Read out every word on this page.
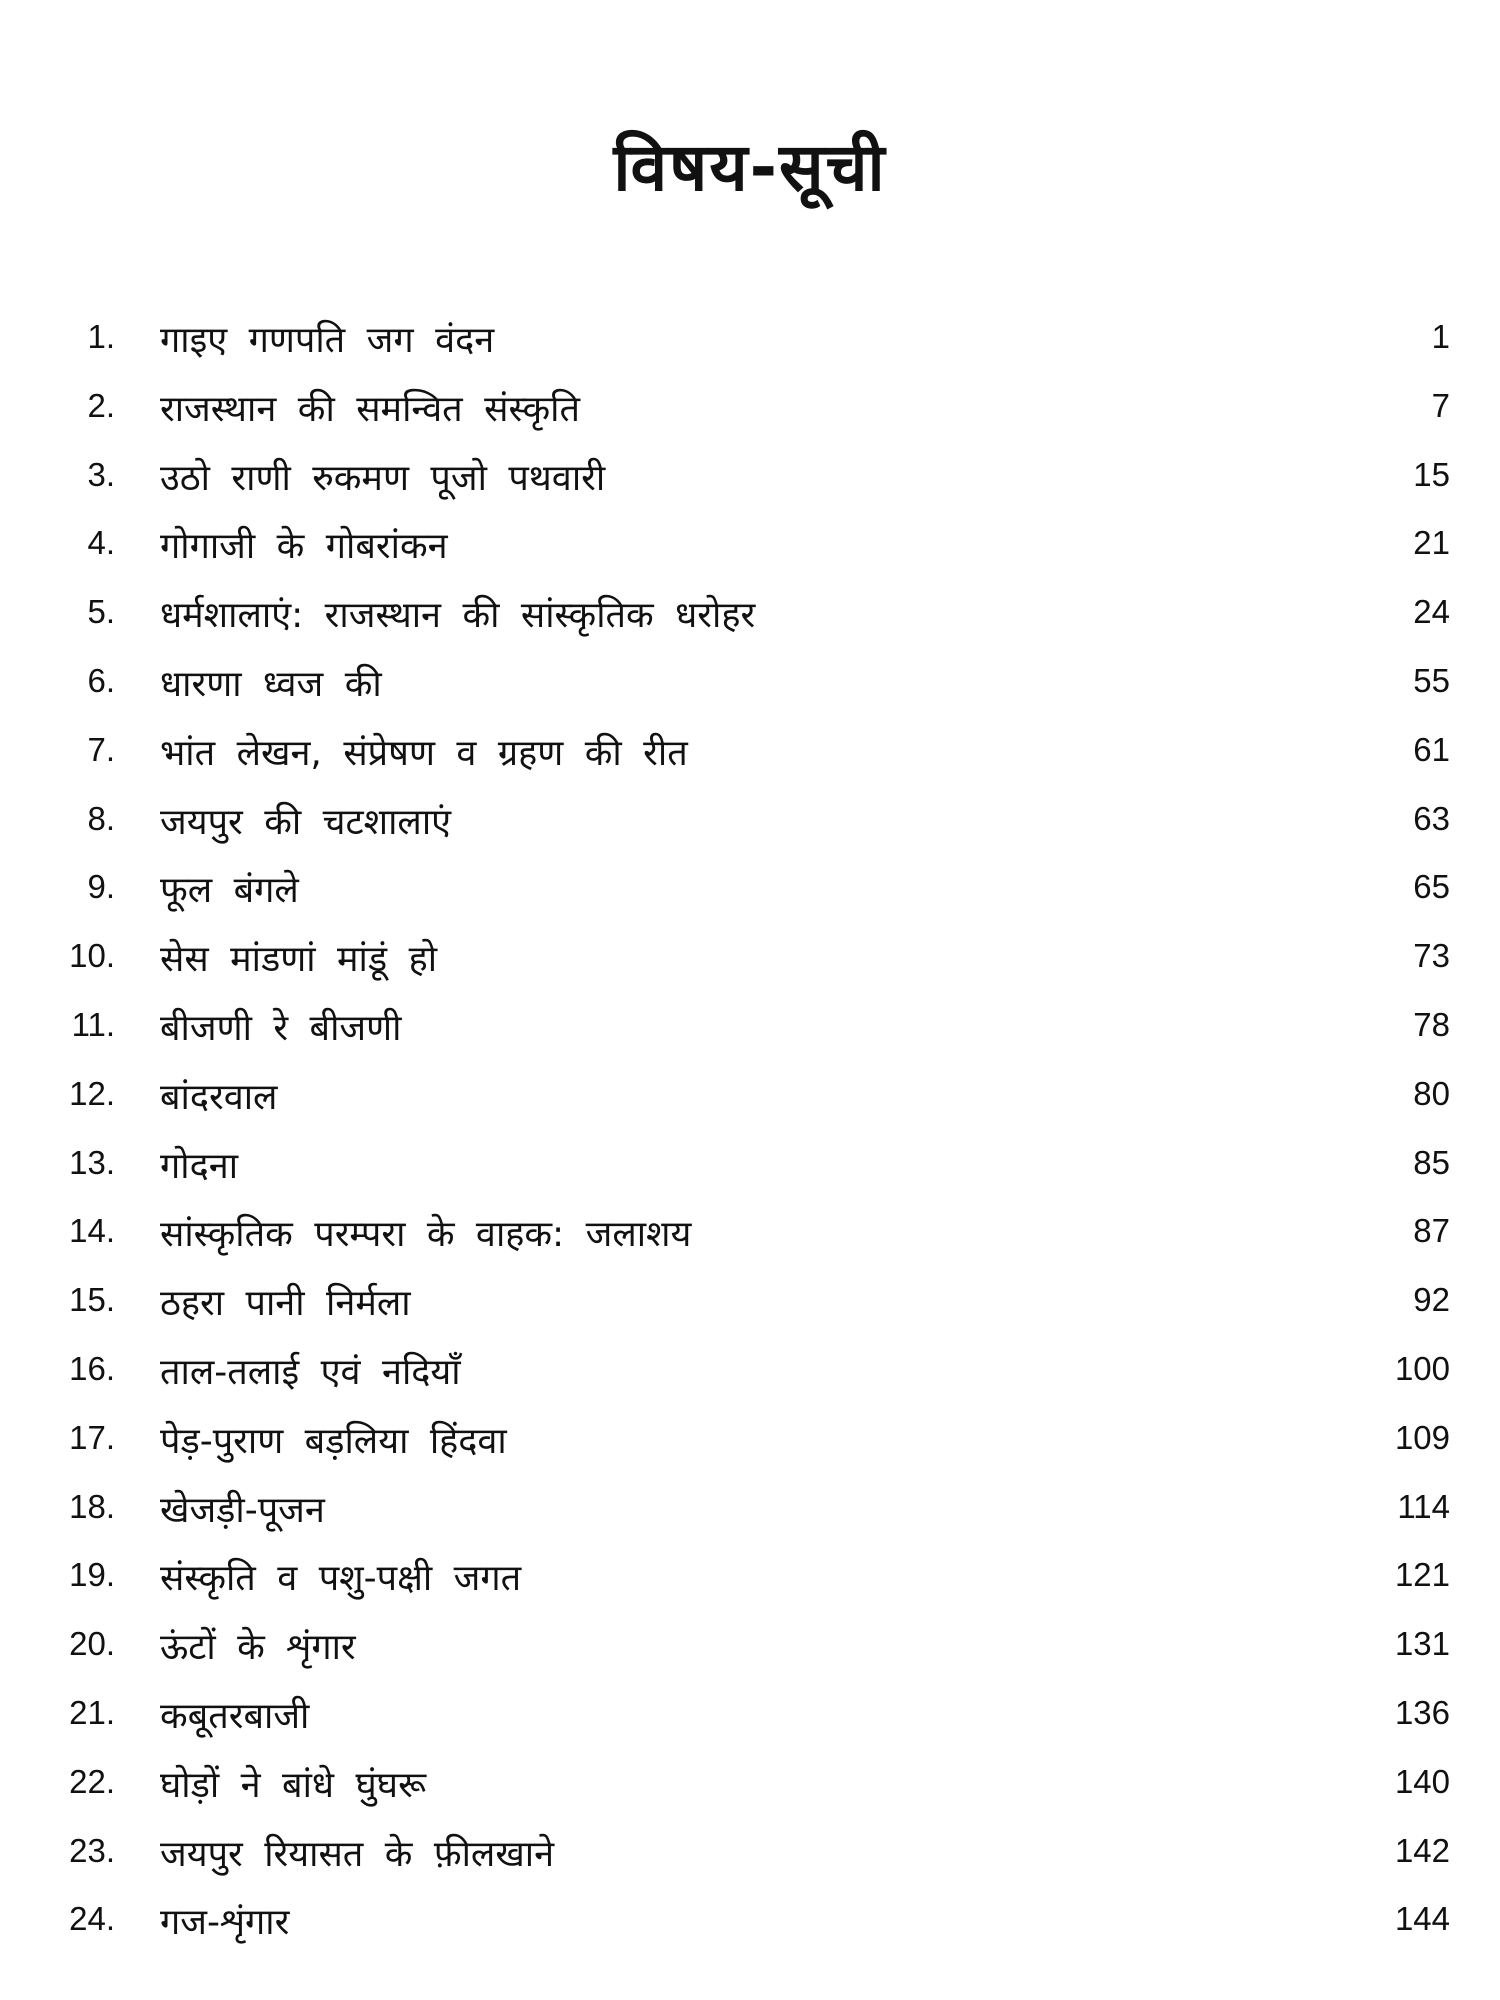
विषय-सूची
1. गाइए गणपति जग वंदन	1
2. राजस्थान की समन्वित संस्कृति	7
3. उठो राणी रुकमण पूजो पथवारी	15
4. गोगाजी के गोबरांकन	21
5. धर्मशालाएं: राजस्थान की सांस्कृतिक धरोहर	24
6. धारणा ध्वज की	55
7. भांत लेखन, संप्रेषण व ग्रहण की रीत	61
8. जयपुर की चटशालाएं	63
9. फूल बंगले	65
10. सेस मांडणां मांडूं हो	73
11. बीजणी रे बीजणी	78
12. बांदरवाल	80
13. गोदना	85
14. सांस्कृतिक परम्परा के वाहक: जलाशय	87
15. ठहरा पानी निर्मला	92
16. ताल-तलाई एवं नदियाँ	100
17. पेड़-पुराण बड़लिया हिंदवा	109
18. खेजड़ी-पूजन	114
19. संस्कृति व पशु-पक्षी जगत	121
20. ऊंटों के शृंगार	131
21. कबूतरबाजी	136
22. घोड़ों ने बांधे घुंघरू	140
23. जयपुर रियासत के फ़ीलखाने	142
24. गज-शृंगार	144
